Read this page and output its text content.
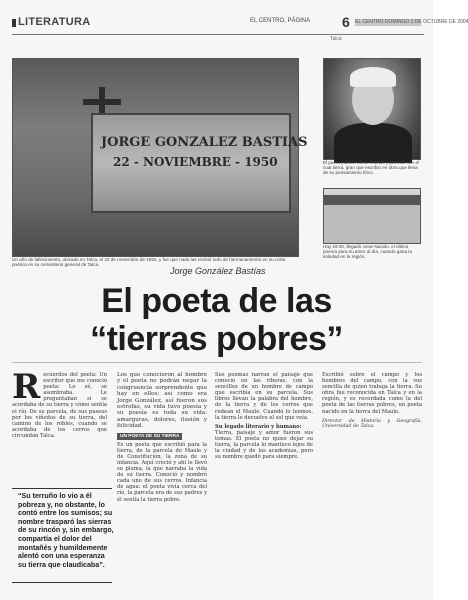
LITERATURA	EL CENTRO, PÁGINA 6 EL CENTRO DOMINGO 3 DE OCTUBRE DE 2004
Talca
JORGE GONZALEZ BASTIAS
22 - NOVIEMBRE - 1950
Un año de fallecimiento, ubicado en Talca, el 22 de noviembre de 1950, y fue que nada las recibió todo de hermanamiento en su corta poética en su cementerio general de Talca.
El poeta publicó obras íntimas y poesías con el cual tierra, gran que escribió en obra que llena de su pensamiento lírico.
Hay 19:40, llegado crear Nacido. el último poema para su amor al día, cuando gana la soledad en la región.
Jorge González Bastías
El poeta de las
“tierras pobres”
R ecuerdos del poeta: Un escritor que me conoció poeta: Lo sé, se asombraba. Le preguntaban si se acordaba de su tierra y cómo sentía el río. De su parcela, de sus paseos por los viñedos de su tierra, del camino de los robles, cuando se acordaba de los cerros que circundan Talca.
“Su terruño lo vio a él pobreza y, no obstante, lo contó entre los sumisos; su nombre trasparó las sierras de su rincón y, sin embargo, compartía el dolor del montañés y humildemente alentó con una esperanza su tierra que claudicaba”.
Los que conocieron al hombre y el poeta no podrán negar la congruencia sorprendente que hay en ellos; así como era Jorge González, así fueron sus estrofas, su vida tuvo poesía y su poesía es toda su vida: amarguras, dolores, ilusión y felicidad.
UN POETA DE SU TIERRA
Es un poeta que escribió para la tierra, de la parcela de Maule y de Constitución, la zona de su infancia. Aquí creció y ahí le llevó su pluma, la que narraba la vida de su tierra. Conoció y nombró cada uno de sus cerros. Infancia de agua: el poeta vivía cerca del río, la parcela era de sus padres y él sentía la tierra pobre.
Sus poemas narran el paisaje que conoció en las riberas, con la sencillez de un hombre de campo que escribía en su parcela. Sus libros llevan la palabra del hombre, de la tierra y de los cerros que rodean el Maule. Cuando lo leemos, la tierra le devuelve el sol que veía.
Su legado literario y humano:
Tierra, paisaje y amor fueron sus temas. El poeta no quiso dejar su tierra, la parcela lo mantuvo lejos de la ciudad y de las academias, pero su nombre quedó para siempre.
Escribió sobre el campo y los hombres del campo, con la voz sencilla de quien trabaja la tierra. Su obra fue reconocida en Talca y en la región, y es recordada como la del poeta de las tierras pobres, un poeta nacido en la tierra del Maule.
Director de Historia y Geografía, Universidad de Talca.
